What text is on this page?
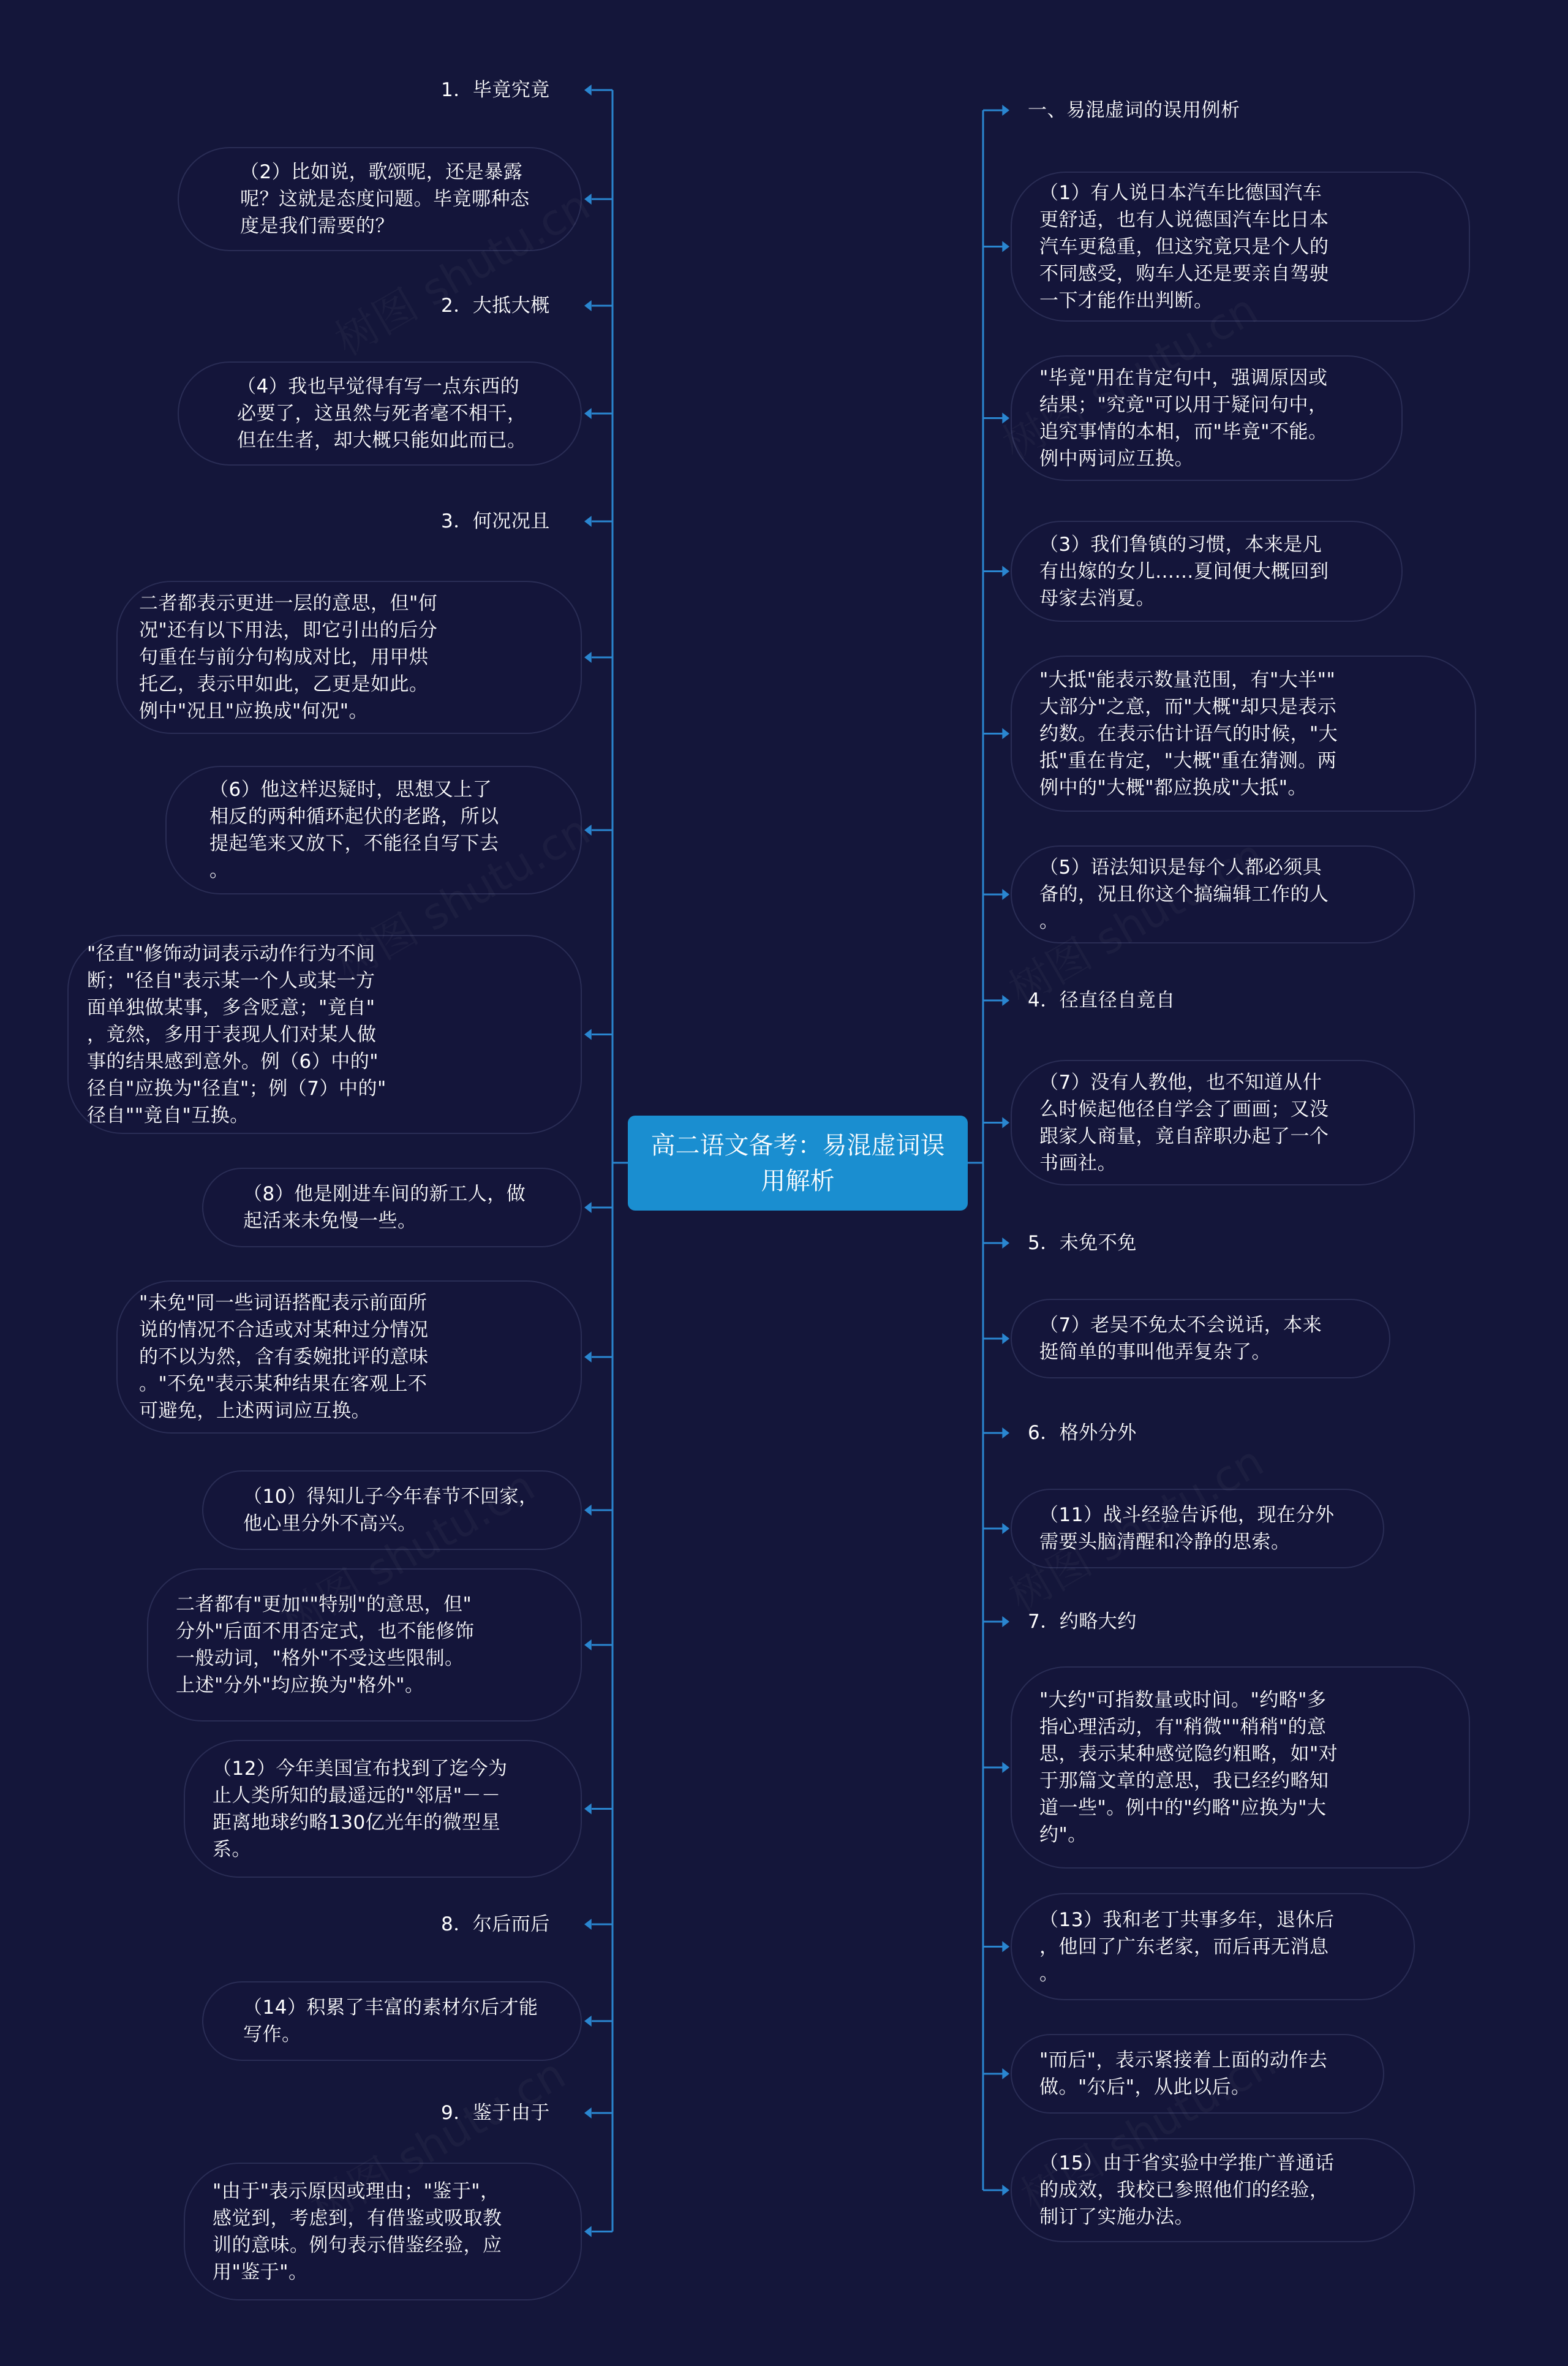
高二语文备考：易混虚词误用解析
1．毕竟究竟
（2）比如说，歌颂呢，还是暴露
呢？这就是态度问题。毕竟哪种态
度是我们需要的？
2．大抵大概
（4）我也早觉得有写一点东西的
必要了，这虽然与死者毫不相干，
但在生者，却大概只能如此而已。
3．何况况且
二者都表示更进一层的意思，但"何
况"还有以下用法，即它引出的后分
句重在与前分句构成对比，用甲烘
托乙，表示甲如此，乙更是如此。
例中"况且"应换成"何况"。
（6）他这样迟疑时，思想又上了
相反的两种循环起伏的老路，所以
提起笔来又放下，不能径自写下去
。
"径直"修饰动词表示动作行为不间
断；"径自"表示某一个人或某一方
面单独做某事，多含贬意；"竟自"
，竟然，多用于表现人们对某人做
事的结果感到意外。例（6）中的"
径自"应换为"径直"；例（7）中的"
径自""竟自"互换。
（8）他是刚进车间的新工人，做
起活来未免慢一些。
"未免"同一些词语搭配表示前面所
说的情况不合适或对某种过分情况
的不以为然，含有委婉批评的意味
。"不免"表示某种结果在客观上不
可避免，上述两词应互换。
（10）得知儿子今年春节不回家，
他心里分外不高兴。
二者都有"更加""特别"的意思，但"
分外"后面不用否定式，也不能修饰
一般动词，"格外"不受这些限制。
上述"分外"均应换为"格外"。
（12）今年美国宣布找到了迄今为
止人类所知的最遥远的"邻居"－－
距离地球约略130亿光年的微型星
系。
8．尔后而后
（14）积累了丰富的素材尔后才能
写作。
9．鉴于由于
"由于"表示原因或理由；"鉴于"，
感觉到，考虑到，有借鉴或吸取教
训的意味。例句表示借鉴经验，应
用"鉴于"。
一、易混虚词的误用例析
（1）有人说日本汽车比德国汽车
更舒适，也有人说德国汽车比日本
汽车更稳重，但这究竟只是个人的
不同感受，购车人还是要亲自驾驶
一下才能作出判断。
"毕竟"用在肯定句中，强调原因或
结果；"究竟"可以用于疑问句中，
追究事情的本相，而"毕竟"不能。
例中两词应互换。
（3）我们鲁镇的习惯，本来是凡
有出嫁的女儿……夏间便大概回到
母家去消夏。
"大抵"能表示数量范围，有"大半""
大部分"之意，而"大概"却只是表示
约数。在表示估计语气的时候，"大
抵"重在肯定，"大概"重在猜测。两
例中的"大概"都应换成"大抵"。
（5）语法知识是每个人都必须具
备的，况且你这个搞编辑工作的人
。
4．径直径自竟自
（7）没有人教他，也不知道从什
么时候起他径自学会了画画；又没
跟家人商量，竟自辞职办起了一个
书画社。
5．未免不免
（7）老吴不免太不会说话，本来
挺简单的事叫他弄复杂了。
6．格外分外
（11）战斗经验告诉他，现在分外
需要头脑清醒和冷静的思索。
7．约略大约
"大约"可指数量或时间。"约略"多
指心理活动，有"稍微""稍稍"的意
思，表示某种感觉隐约粗略，如"对
于那篇文章的意思，我已经约略知
道一些"。例中的"约略"应换为"大
约"。
（13）我和老丁共事多年，退休后
，他回了广东老家，而后再无消息
。
"而后"，表示紧接着上面的动作去
做。"尔后"，从此以后。
（15）由于省实验中学推广普通话
的成效，我校已参照他们的经验，
制订了实施办法。
